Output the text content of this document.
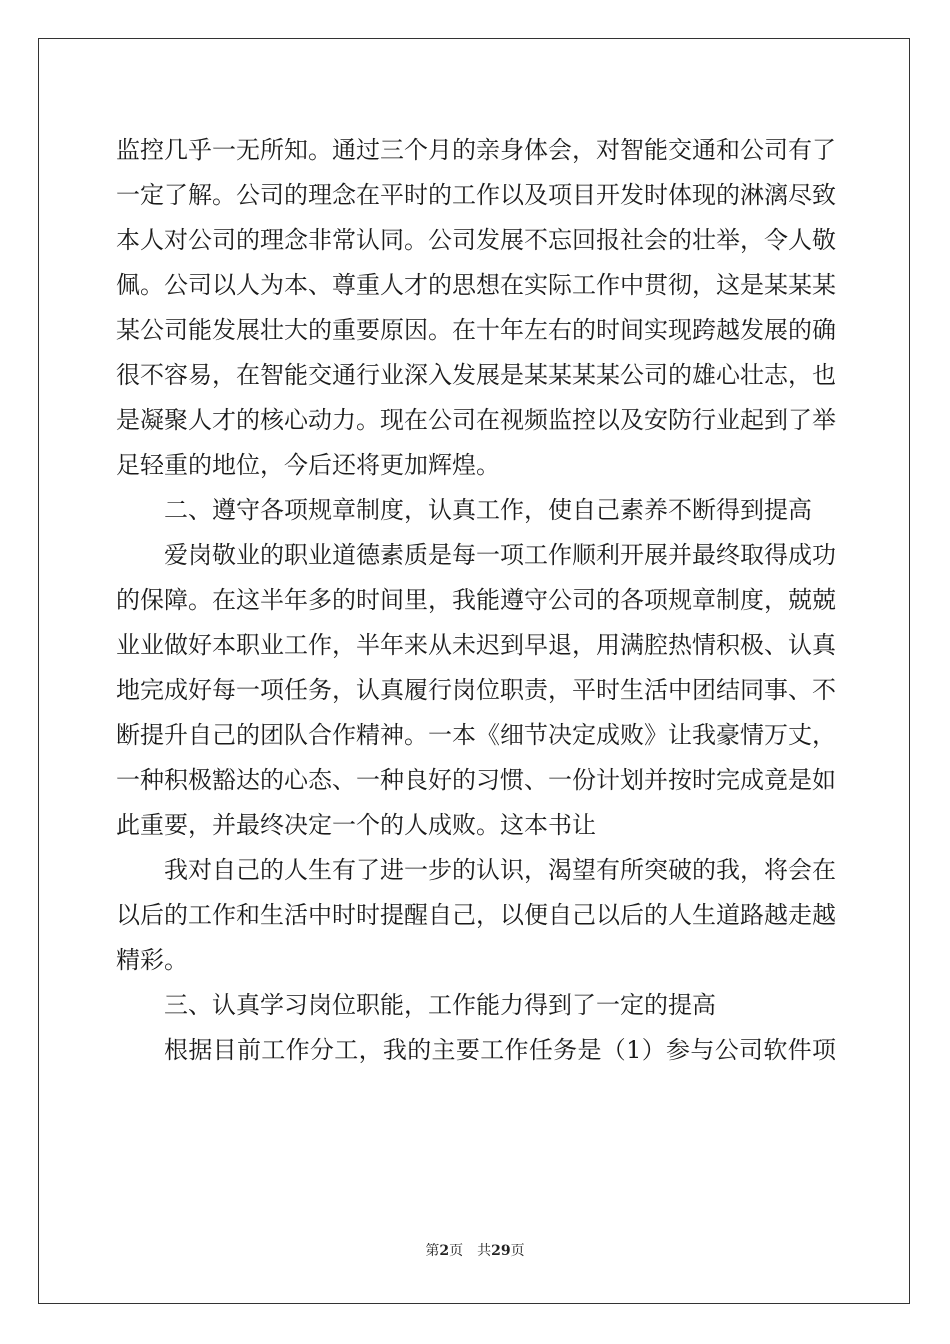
监控几乎一无所知。通过三个月的亲身体会，对智能交通和公司有了
一定了解。公司的理念在平时的工作以及项目开发时体现的淋漓尽致
本人对公司的理念非常认同。公司发展不忘回报社会的壮举，令人敬
佩。公司以人为本、尊重人才的思想在实际工作中贯彻，这是某某某
某公司能发展壮大的重要原因。在十年左右的时间实现跨越发展的确
很不容易，在智能交通行业深入发展是某某某某公司的雄心壮志，也
是凝聚人才的核心动力。现在公司在视频监控以及安防行业起到了举
足轻重的地位，今后还将更加辉煌。
二、遵守各项规章制度，认真工作，使自己素养不断得到提高
爱岗敬业的职业道德素质是每一项工作顺利开展并最终取得成功
的保障。在这半年多的时间里，我能遵守公司的各项规章制度，兢兢
业业做好本职业工作，半年来从未迟到早退，用满腔热情积极、认真
地完成好每一项任务，认真履行岗位职责，平时生活中团结同事、不
断提升自己的团队合作精神。一本《细节决定成败》让我豪情万丈，
一种积极豁达的心态、一种良好的习惯、一份计划并按时完成竟是如
此重要，并最终决定一个的人成败。这本书让
我对自己的人生有了进一步的认识，渴望有所突破的我，将会在
以后的工作和生活中时时提醒自己，以便自己以后的人生道路越走越
精彩。
三、认真学习岗位职能，工作能力得到了一定的提高
根据目前工作分工，我的主要工作任务是（1）参与公司软件项
第2页 共29页
